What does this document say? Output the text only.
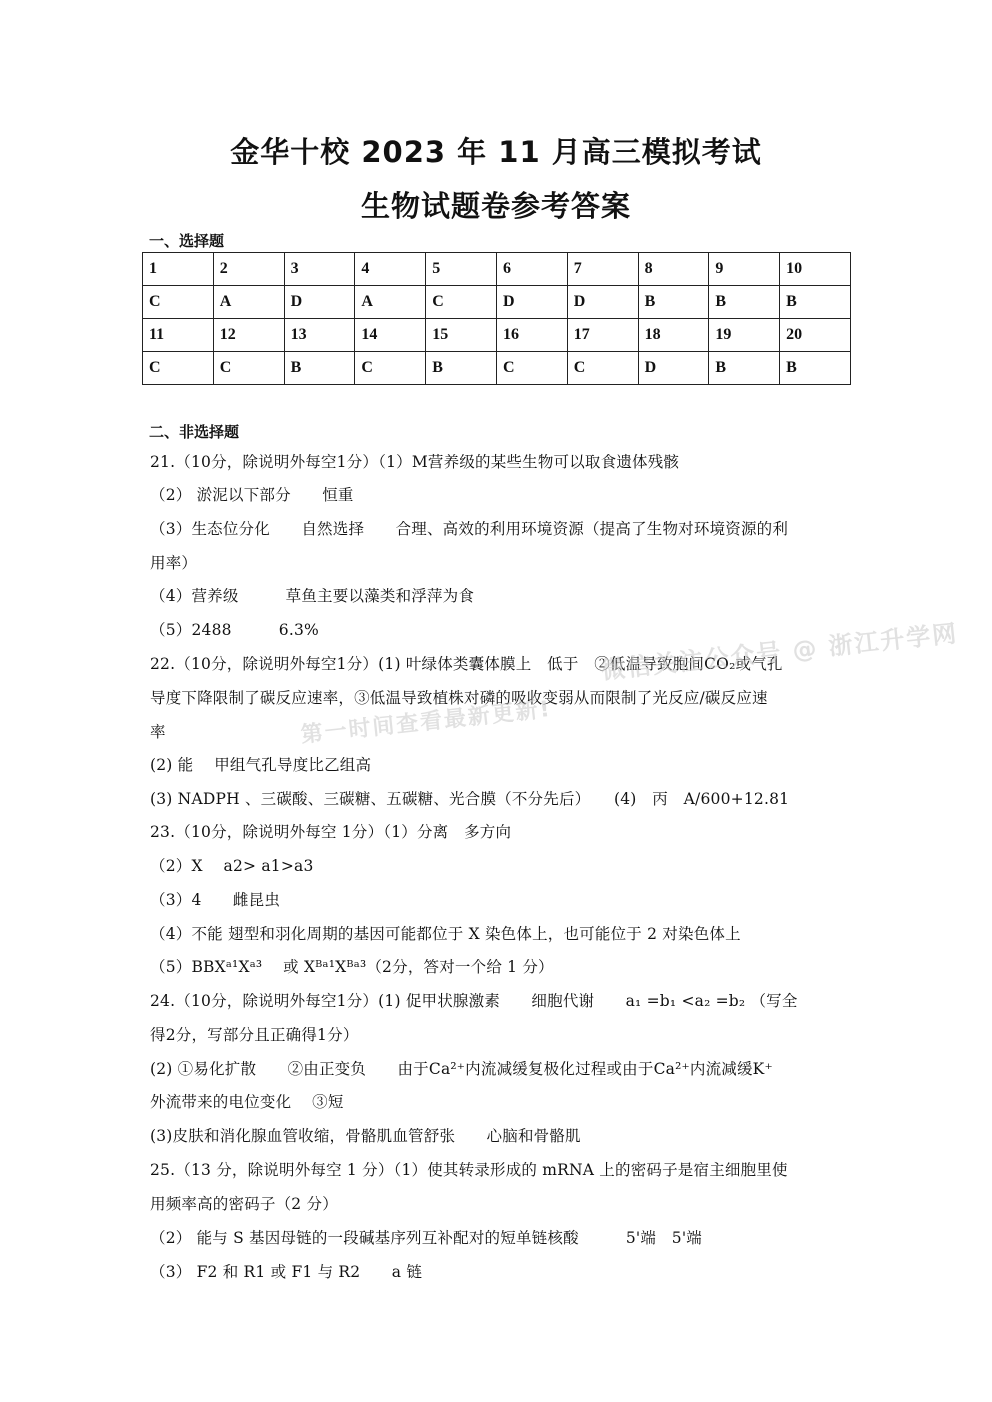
金华十校 2023 年 11 月高三模拟考试
生物试题卷参考答案
一、选择题
1	2	3	4	5	6	7	8	9	10
C	A	D	A	C	D	D	B	B	B
11	12	13	14	15	16	17	18	19	20
C	C	B	C	B	C	C	D	B	B
二、非选择题
21.（10分，除说明外每空1分）（1）M营养级的某些生物可以取食遗体残骸
（2） 淤泥以下部分　　恒重
（3）生态位分化　　自然选择　　合理、高效的利用环境资源（提高了生物对环境资源的利
用率）
（4）营养级　　　草鱼主要以藻类和浮萍为食
（5）2488　　　6.3%
22.（10分，除说明外每空1分）(1) 叶绿体类囊体膜上　低于　②低温导致胞间CO₂或气孔
导度下降限制了碳反应速率，③低温导致植株对磷的吸收变弱从而限制了光反应/碳反应速
率
(2) 能　 甲组气孔导度比乙组高
(3) NADPH 、三碳酸、三碳糖、五碳糖、光合膜（不分先后）　　(4)　丙　A/600+12.81
23.（10分，除说明外每空 1分）（1）分离　多方向
（2）X　 a2> a1>a3
（3）4　　雌昆虫
（4）不能 翅型和羽化周期的基因可能都位于 X 染色体上，也可能位于 2 对染色体上
（5）BBXᵃ¹Xᵃ³　 或 Xᴮᵃ¹Xᴮᵃ³（2分，答对一个给 1 分）
24.（10分，除说明外每空1分）(1) 促甲状腺激素　　细胞代谢　　a₁ =b₁ <a₂ =b₂ （写全
得2分，写部分且正确得1分）
(2) ①易化扩散　　②由正变负　　由于Ca²⁺内流减缓复极化过程或由于Ca²⁺内流减缓K⁺
外流带来的电位变化　 ③短
(3)皮肤和消化腺血管收缩，骨骼肌血管舒张　　心脑和骨骼肌
25.（13 分，除说明外每空 1 分）（1）使其转录形成的 mRNA 上的密码子是宿主细胞里使
用频率高的密码子（2 分）
（2） 能与 S 基因母链的一段碱基序列互补配对的短单链核酸　　　5'端　5'端
（3） F2 和 R1 或 F1 与 R2　　a 链
微信关注公众号 @ 浙江升学网
第一时间查看最新更新!
